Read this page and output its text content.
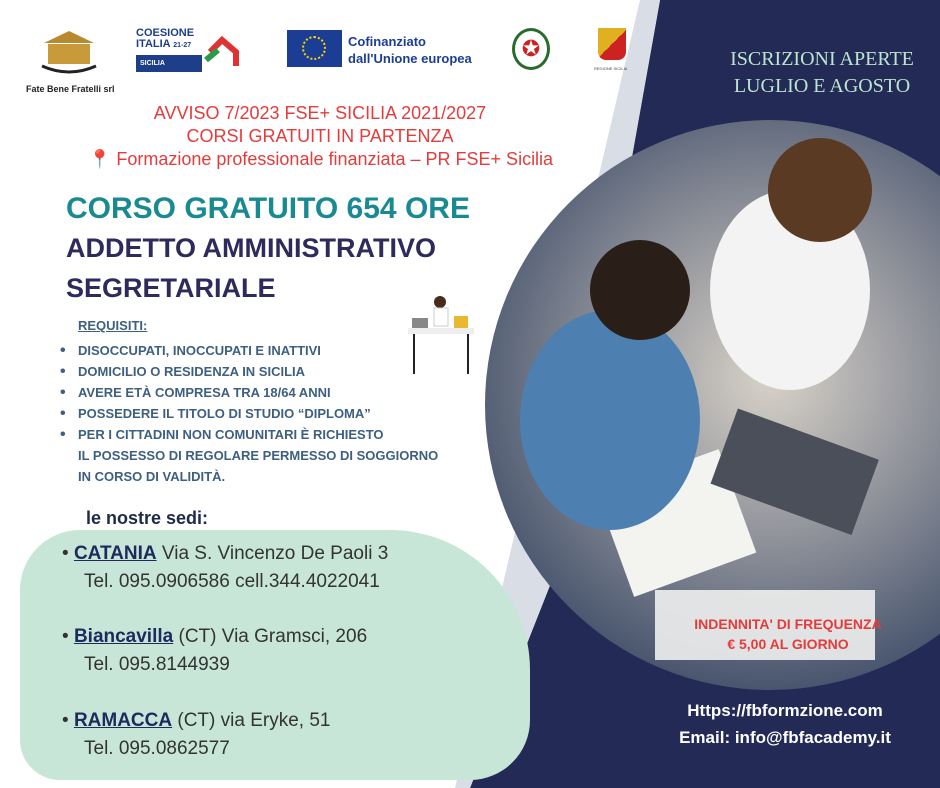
Fate Bene Fratelli srl
COESIONE
ITALIA 21-27
SICILIA
Cofinanziato
dall'Unione europea	✪
REGIONE SICILIA
AVVISO 7/2023 FSE+ SICILIA 2021/2027
CORSI GRATUITI IN PARTENZA
📍 Formazione professionale finanziata – PR FSE+ Sicilia
CORSO GRATUITO 654 ORE
ADDETTO AMMINISTRATIVO
SEGRETARIALE
REQUISITI:
• DISOCCUPATI, INOCCUPATI E INATTIVI
• DOMICILIO O RESIDENZA IN SICILIA
• AVERE ETÀ COMPRESA TRA 18/64 ANNI
• POSSEDERE IL TITOLO DI STUDIO “DIPLOMA”
• PER I CITTADINI NON COMUNITARI È RICHIESTO
IL POSSESSO DI REGOLARE PERMESSO DI SOGGIORNO
IN CORSO DI VALIDITÀ.
le nostre sedi:
• CATANIA Via S. Vincenzo De Paoli 3
Tel. 095.0906586 cell.344.4022041
• Biancavilla (CT) Via Gramsci, 206
Tel. 095.8144939
• RAMACCA (CT) via Eryke, 51
Tel. 095.0862577
ISCRIZIONI APERTE
LUGLIO E AGOSTO
INDENNITA' DI FREQUENZA
€ 5,00 AL GIORNO
Https://fbformzione.com
Email: info@fbfacademy.it
